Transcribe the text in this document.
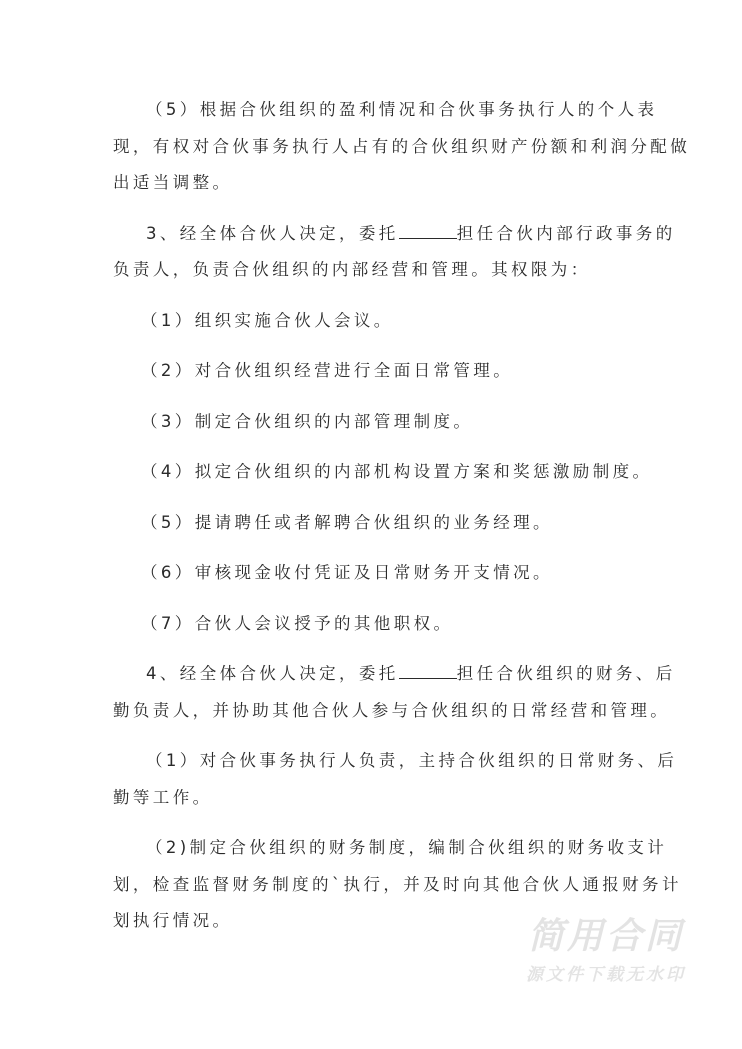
（5）根据合伙组织的盈利情况和合伙事务执行人的个人表现，有权对合伙事务执行人占有的合伙组织财产份额和利润分配做出适当调整。

3、经全体合伙人决定，委托	担任合伙内部行政事务的负责人，负责合伙组织的内部经营和管理。其权限为：

（1）组织实施合伙人会议。

（2）对合伙组织经营进行全面日常管理。

（3）制定合伙组织的内部管理制度。

（4）拟定合伙组织的内部机构设置方案和奖惩激励制度。

（5）提请聘任或者解聘合伙组织的业务经理。

（6）审核现金收付凭证及日常财务开支情况。

（7）合伙人会议授予的其他职权。

4、经全体合伙人决定，委托	担任合伙组织的财务、后勤负责人，并协助其他合伙人参与合伙组织的日常经营和管理。

（1）对合伙事务执行人负责，主持合伙组织的日常财务、后勤等工作。

（2)制定合伙组织的财务制度，编制合伙组织的财务收支计划，检查监督财务制度的`执行，并及时向其他合伙人通报财务计划执行情况。	简用合同
源文件下载无水印
